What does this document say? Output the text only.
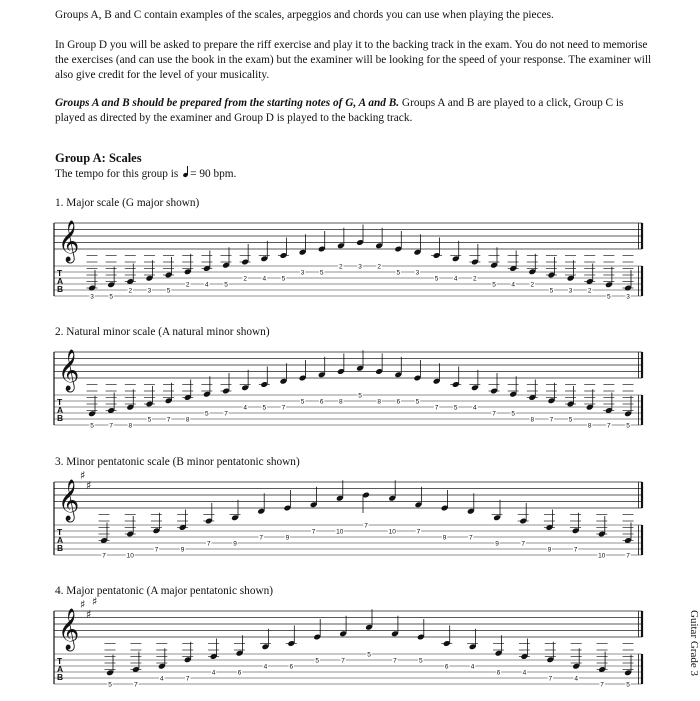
Groups A, B and C contain examples of the scales, arpeggios and chords you can use when playing the pieces.

In Group D you will be asked to prepare the riff exercise and play it to the backing track in the exam. You do not need to memorise the exercises (and can use the book in the exam) but the examiner will be looking for the speed of your response. The examiner will also give credit for the level of your musicality.

Groups A and B should be prepared from the starting notes of G, A and B. Groups A and B are played to a click, Group C is played as directed by the examiner and Group D is played to the backing track.

Group A: Scales

The tempo for this group is
= 90 bpm.

1. Major scale (G major shown)

𝄞
T
A
B
3 5
2 3 5
2 4 5
2 4 5
3 5
2 3 2
5 3
5 4 2
5 4 2
5 3 2
5 3

2. Natural minor scale (A natural minor shown)

𝄞
T
A
B
5 7 8
5 7 8
5 7
4 5 7
5 6 8
5
8 6 5
7 5 4
7 5
8 7 5
8 7 5

3. Minor pentatonic scale (B minor pentatonic shown)

𝄞
♯
♯
T
A
B
7	10
7	9
7	9
7	9
7	10
7
10	7
9	7
9	7
9	7
10	7

4. Major pentatonic (A major pentatonic shown)

𝄞
♯
♯
♯
T
A
B
5	7
4	7
4	6
4	6
5	7
5
7	5
6	4
6	4
7	4
7	5
Guitar Grade 3
